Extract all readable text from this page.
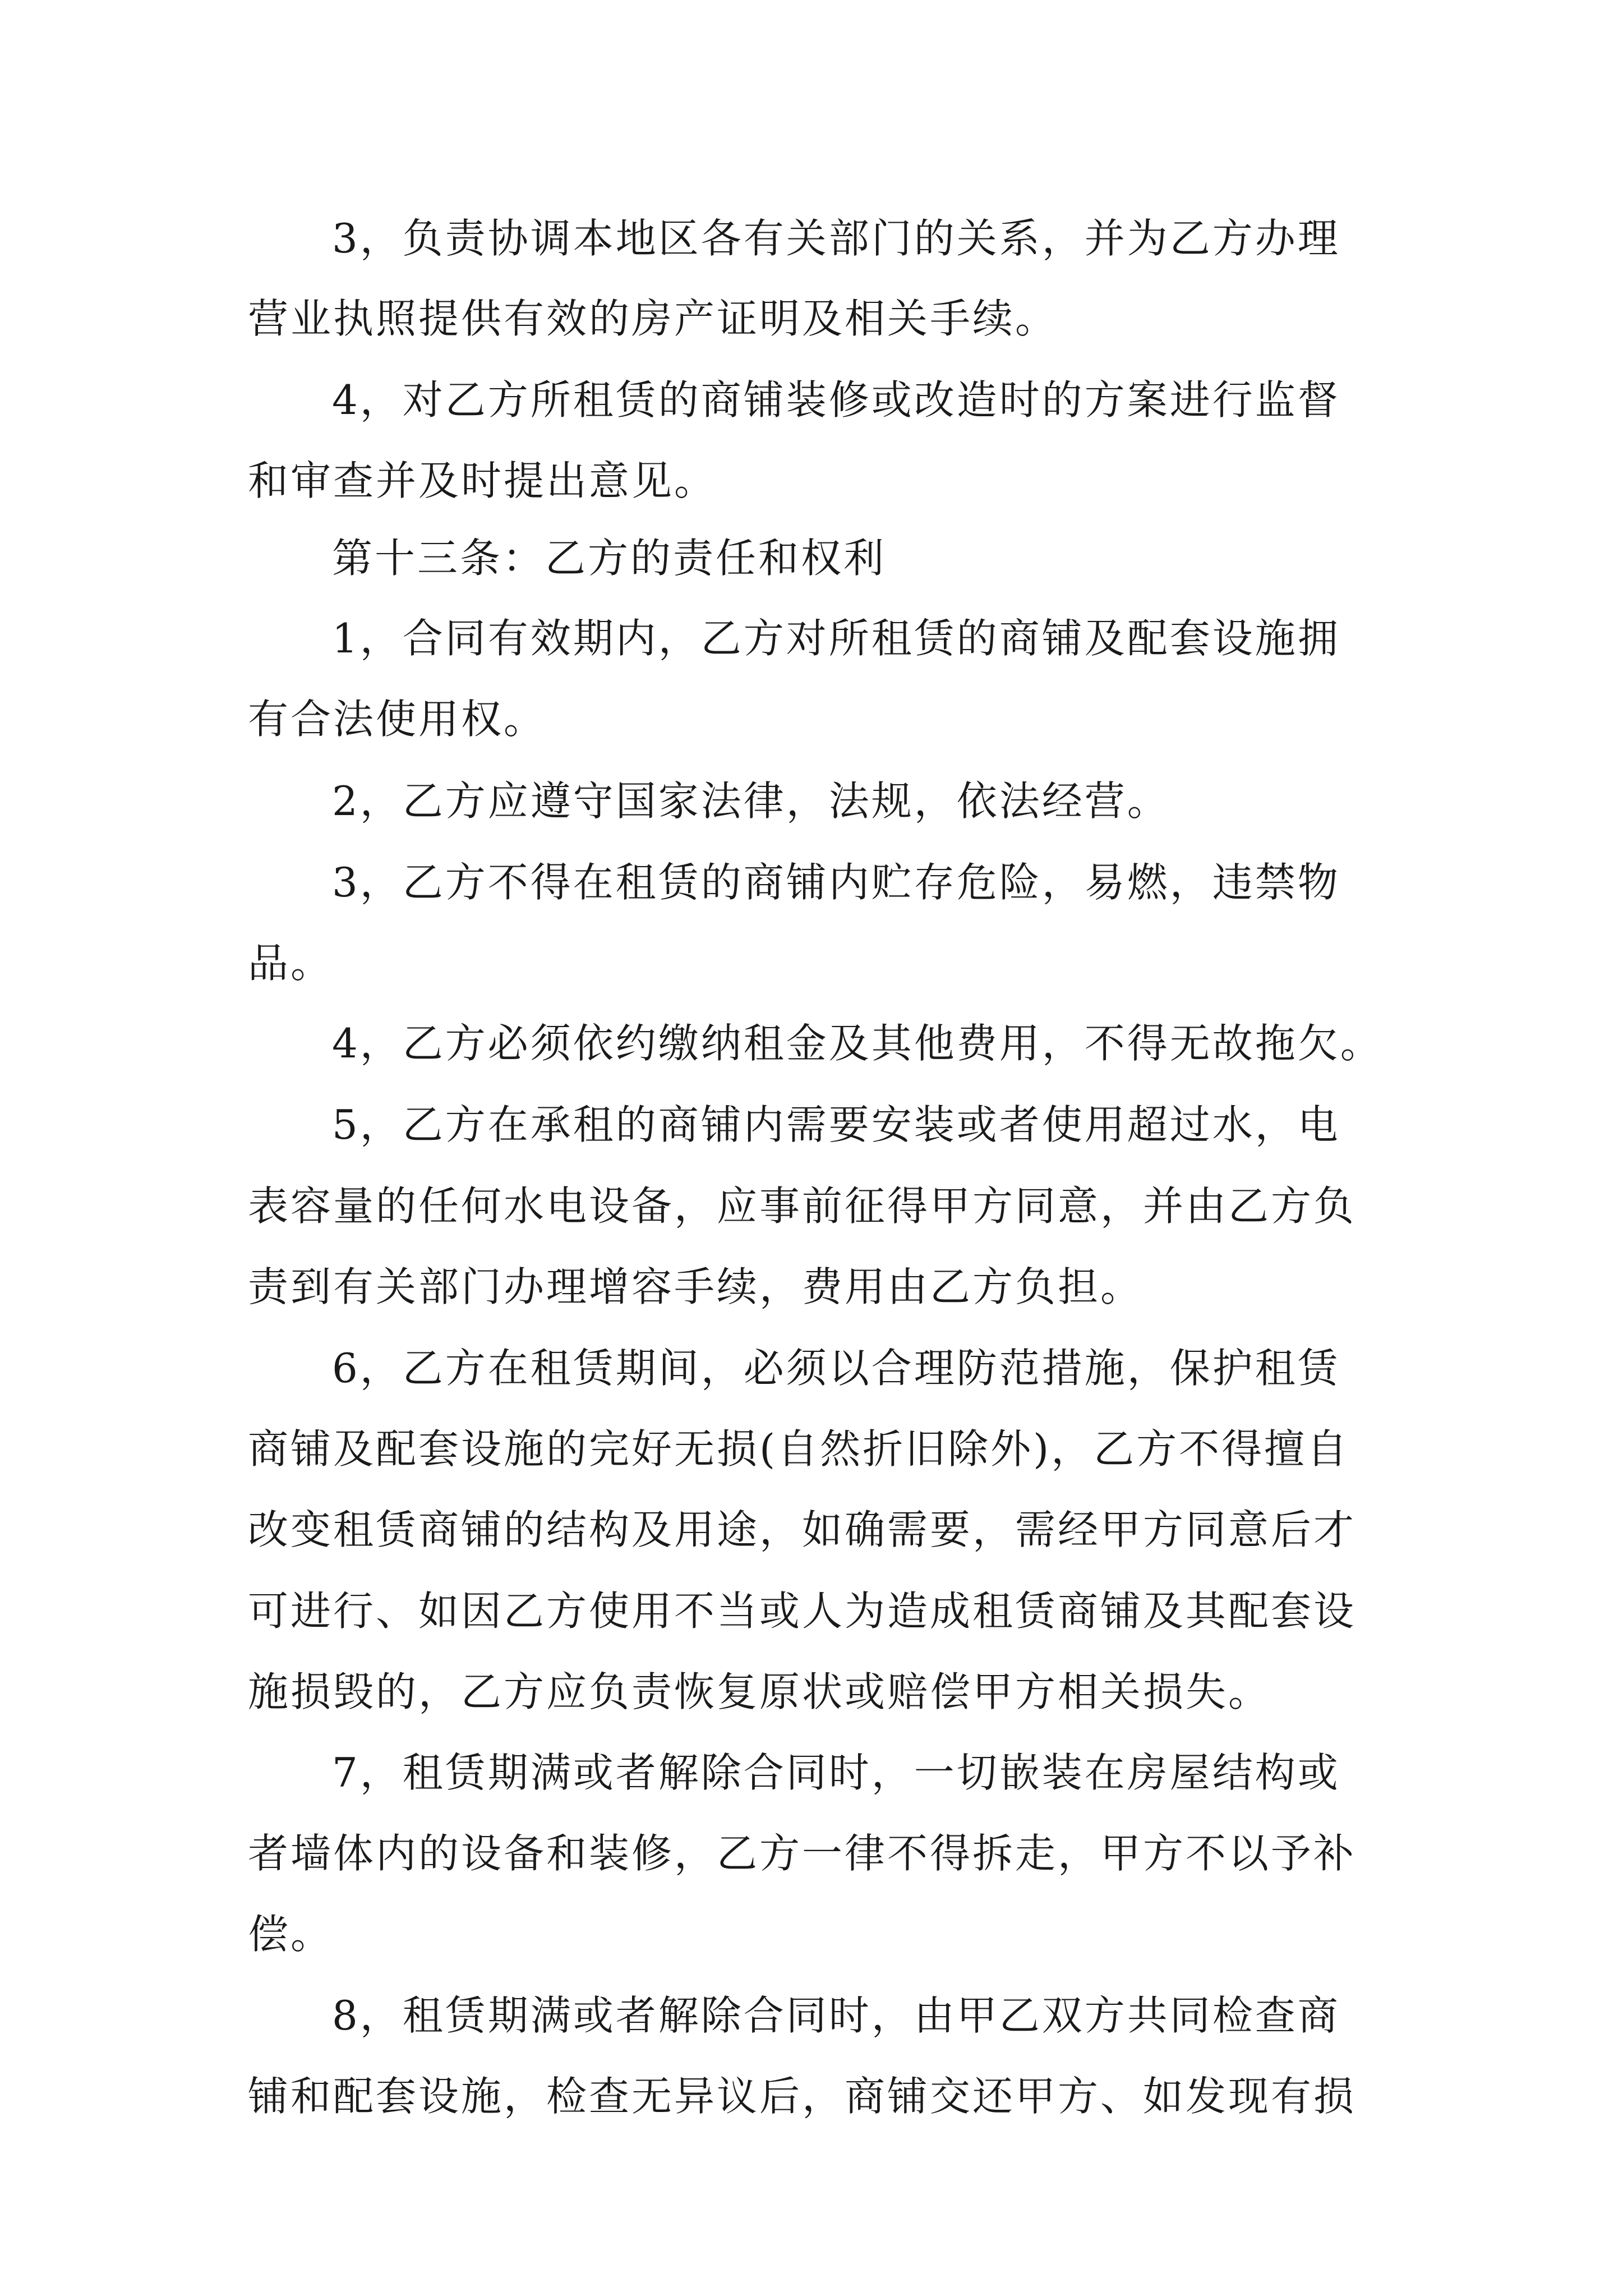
3，负责协调本地区各有关部门的关系，并为乙方办理

营业执照提供有效的房产证明及相关手续。

4，对乙方所租赁的商铺装修或改造时的方案进行监督

和审查并及时提出意见。

第十三条：乙方的责任和权利

1，合同有效期内，乙方对所租赁的商铺及配套设施拥

有合法使用权。

2，乙方应遵守国家法律，法规，依法经营。

3，乙方不得在租赁的商铺内贮存危险，易燃，违禁物

品。

4，乙方必须依约缴纳租金及其他费用，不得无故拖欠。

5，乙方在承租的商铺内需要安装或者使用超过水，电

表容量的任何水电设备，应事前征得甲方同意，并由乙方负

责到有关部门办理增容手续，费用由乙方负担。

6，乙方在租赁期间，必须以合理防范措施，保护租赁

商铺及配套设施的完好无损(自然折旧除外)，乙方不得擅自

改变租赁商铺的结构及用途，如确需要，需经甲方同意后才

可进行、如因乙方使用不当或人为造成租赁商铺及其配套设

施损毁的，乙方应负责恢复原状或赔偿甲方相关损失。

7，租赁期满或者解除合同时，一切嵌装在房屋结构或

者墙体内的设备和装修，乙方一律不得拆走，甲方不以予补

偿。

8，租赁期满或者解除合同时，由甲乙双方共同检查商

铺和配套设施，检查无异议后，商铺交还甲方、如发现有损
